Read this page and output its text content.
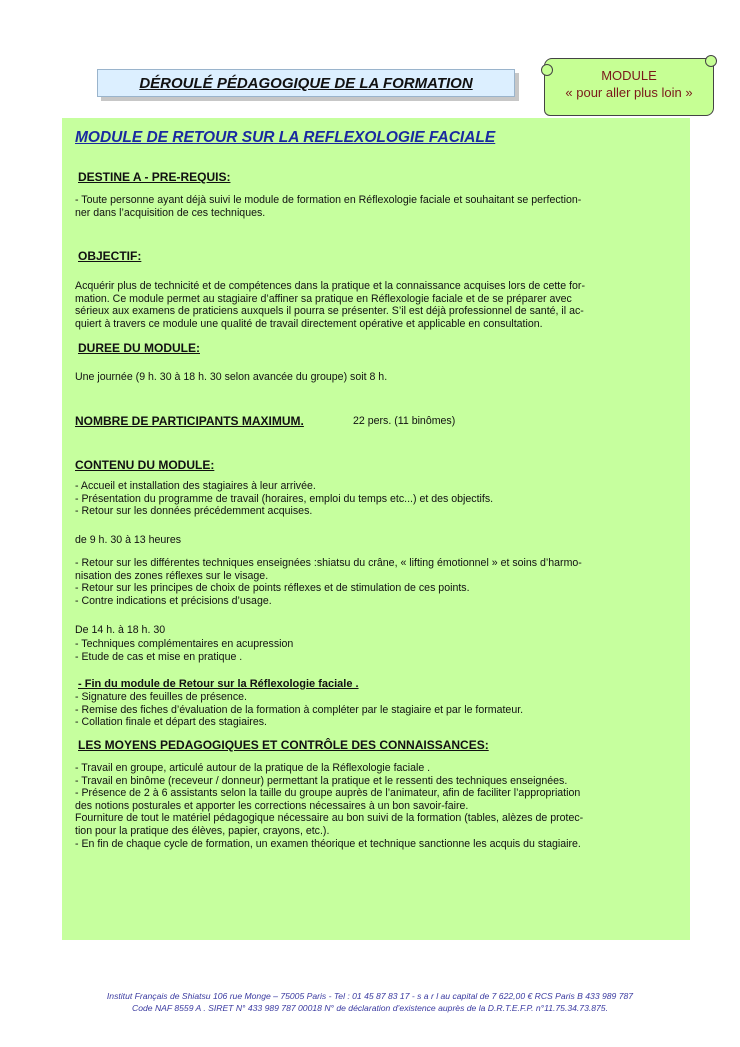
DÉROULÉ PÉDAGOGIQUE DE LA FORMATION	MODULE
« pour aller plus loin »
MODULE DE RETOUR SUR LA REFLEXOLOGIE FACIALE
DESTINE A - PRE-REQUIS:
- Toute personne ayant déjà suivi le module de formation en Réflexologie faciale et souhaitant se perfection-
ner dans l’acquisition de ces techniques.
OBJECTIF:
Acquérir plus de technicité et de compétences dans la pratique et la connaissance acquises lors de cette for-
mation. Ce module permet au stagiaire d’affiner sa pratique en Réflexologie faciale et de se préparer avec
sérieux aux examens de praticiens auxquels il pourra se présenter. S’il est déjà professionnel de santé, il ac-
quiert à travers ce module une qualité de travail directement opérative et applicable en consultation.
DUREE DU MODULE:
Une journée (9 h. 30 à 18 h. 30 selon avancée du groupe) soit 8 h.
NOMBRE DE PARTICIPANTS MAXIMUM.	22 pers. (11 binômes)
CONTENU DU MODULE:
- Accueil et installation des stagiaires à leur arrivée.
- Présentation du programme de travail (horaires, emploi du temps etc...) et des objectifs.
- Retour sur les données précédemment acquises.
de 9 h. 30 à 13 heures
- Retour sur les différentes techniques enseignées :shiatsu du crâne, « lifting émotionnel » et soins d’harmo-
nisation des zones réflexes sur le visage.
- Retour sur les principes de choix de points réflexes et de stimulation de ces points.
- Contre indications et précisions d’usage.
De 14 h. à 18 h. 30
- Techniques complémentaires en acupression
- Etude de cas et mise en pratique .
- Fin du module de Retour sur la Réflexologie faciale .
- Signature des feuilles de présence.
- Remise des fiches d’évaluation de la formation à compléter par le stagiaire et par le formateur.
- Collation finale et départ des stagiaires.
LES MOYENS PEDAGOGIQUES ET CONTRÔLE DES CONNAISSANCES:
- Travail en groupe, articulé autour de la pratique de la Réflexologie faciale .
- Travail en binôme (receveur / donneur) permettant la pratique et le ressenti des techniques enseignées.
- Présence de 2 à 6 assistants selon la taille du groupe auprès de l’animateur, afin de faciliter l’appropriation
des notions posturales et apporter les corrections nécessaires à un bon savoir-faire.
Fourniture de tout le matériel pédagogique nécessaire au bon suivi de la formation (tables, alèzes de protec-
tion pour la pratique des élèves, papier, crayons, etc.).
- En fin de chaque cycle de formation, un examen théorique et technique sanctionne les acquis du stagiaire.
Institut Français de Shiatsu 106 rue Monge – 75005 Paris - Tel : 01 45 87 83 17 - s a r l au capital de 7 622,00 € RCS Paris B 433 989 787
Code NAF 8559 A . SIRET N° 433 989 787 00018 N° de déclaration d’existence auprès de la D.R.T.E.F.P. n°11.75.34.73.875.
